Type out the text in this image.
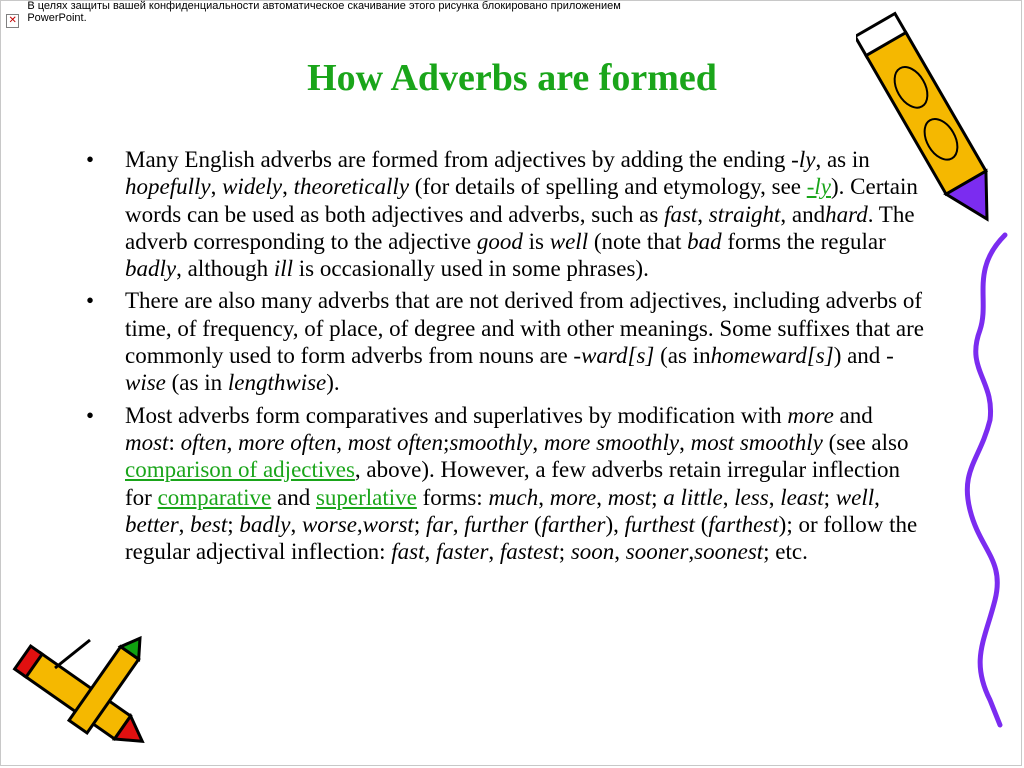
✕
В целях защиты вашей конфиденциальности автоматическое скачивание этого рисунка блокировано приложением PowerPoint.
How Adverbs are formed
•	Many English adverbs are formed from adjectives by adding the ending -ly, as in hopefully, widely, theoretically (for details of spelling and etymology, see -ly). Certain words can be used as both adjectives and adverbs, such as fast, straight, andhard. The adverb corresponding to the adjective good is well (note that bad forms the regular badly, although ill is occasionally used in some phrases).
•	There are also many adverbs that are not derived from adjectives, including adverbs of time, of frequency, of place, of degree and with other meanings. Some suffixes that are commonly used to form adverbs from nouns are -ward[s] (as inhomeward[s]) and -wise (as in lengthwise).
•	Most adverbs form comparatives and superlatives by modification with more and most: often, more often, most often;smoothly, more smoothly, most smoothly (see also comparison of adjectives, above). However, a few adverbs retain irregular inflection for comparative and superlative forms: much, more, most; a little, less, least; well, better, best; badly, worse,worst; far, further (farther), furthest (farthest); or follow the regular adjectival inflection: fast, faster, fastest; soon, sooner,soonest; etc.
